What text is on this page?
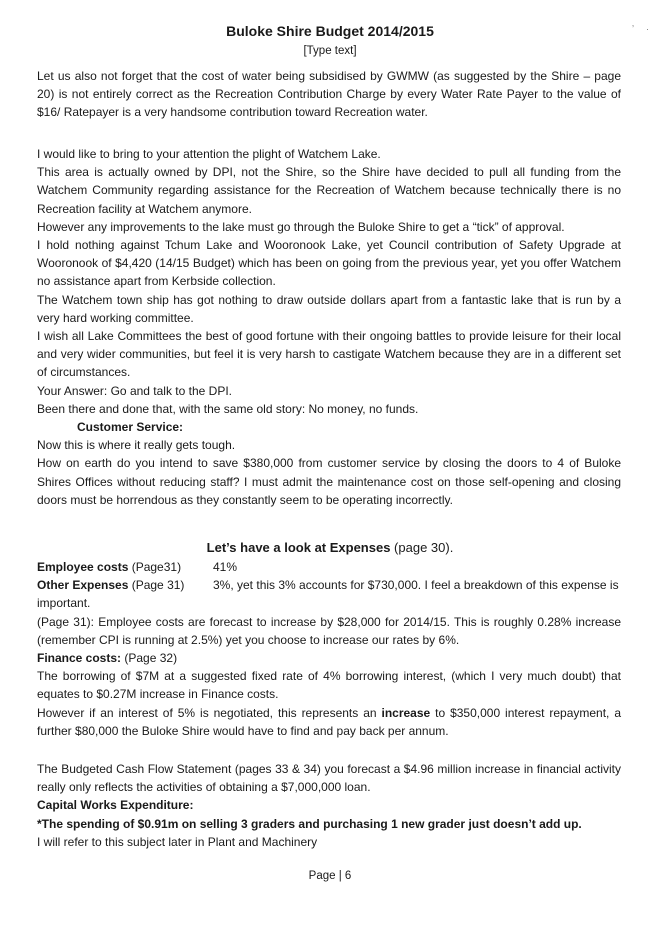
‚
·
Buloke Shire Budget 2014/2015
[Type text]

Let us also not forget that the cost of water being subsidised by GWMW (as suggested by the Shire – page 20) is not entirely correct as the Recreation Contribution Charge by every Water Rate Payer to the value of $16/ Ratepayer is a very handsome contribution toward Recreation water.

I would like to bring to your attention the plight of Watchem Lake.

This area is actually owned by DPI, not the Shire, so the Shire have decided to pull all funding from the Watchem Community regarding assistance for the Recreation of Watchem because technically there is no Recreation facility at Watchem anymore.

However any improvements to the lake must go through the Buloke Shire to get a “tick” of approval.

I hold nothing against Tchum Lake and Wooronook Lake, yet Council contribution of Safety Upgrade at Wooronook of $4,420 (14/15 Budget) which has been on going from the previous year, yet you offer Watchem no assistance apart from Kerbside collection.

The Watchem town ship has got nothing to draw outside dollars apart from a fantastic lake that is run by a very hard working committee.

I wish all Lake Committees the best of good fortune with their ongoing battles to provide leisure for their local and very wider communities, but feel it is very harsh to castigate Watchem because they are in a different set of circumstances.

Your Answer: Go and talk to the DPI.

Been there and done that, with the same old story: No money, no funds.

Customer Service:

Now this is where it really gets tough.

How on earth do you intend to save $380,000 from customer service by closing the doors to 4 of Buloke Shires Offices without reducing staff? I must admit the maintenance cost on those self-opening and closing doors must be horrendous as they constantly seem to be operating incorrectly.

Let’s have a look at Expenses (page 30).
Employee costs (Page31)	41%
Other Expenses (Page 31)	3%, yet this 3% accounts for $730,000. I feel a breakdown of this expense is

important.

(Page 31): Employee costs are forecast to increase by $28,000 for 2014/15. This is roughly 0.28% increase (remember CPI is running at 2.5%) yet you choose to increase our rates by 6%.

Finance costs: (Page 32)

The borrowing of $7M at a suggested fixed rate of 4% borrowing interest, (which I very much doubt) that equates to $0.27M increase in Finance costs.

However if an interest of 5% is negotiated, this represents an increase to $350,000 interest repayment, a further $80,000 the Buloke Shire would have to find and pay back per annum.

The Budgeted Cash Flow Statement (pages 33 & 34) you forecast a $4.96 million increase in financial activity really only reflects the activities of obtaining a $7,000,000 loan.

Capital Works Expenditure:

*The spending of $0.91m on selling 3 graders and purchasing 1 new grader just doesn’t add up.

I will refer to this subject later in Plant and Machinery

Page | 6
